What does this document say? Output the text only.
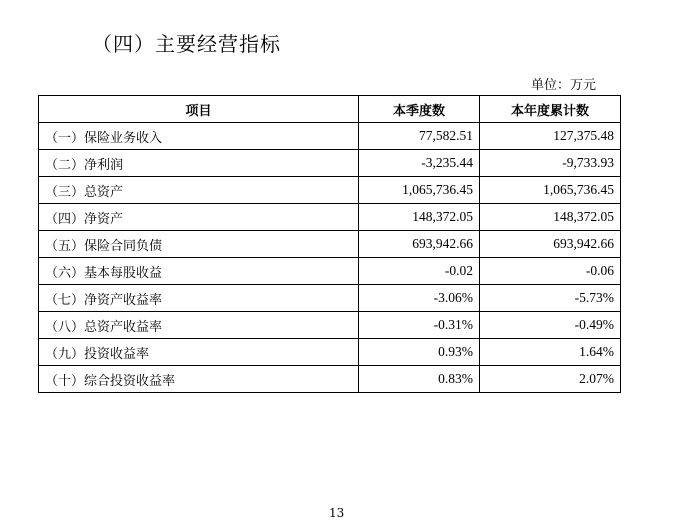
（四）主要经营指标
单位：万元
项目	本季度数	本年度累计数
（一）保险业务收入	77,582.51	127,375.48
（二）净利润	-3,235.44	-9,733.93
（三）总资产	1,065,736.45	1,065,736.45
（四）净资产	148,372.05	148,372.05
（五）保险合同负债	693,942.66	693,942.66
（六）基本每股收益	-0.02	-0.06
（七）净资产收益率	-3.06%	-5.73%
（八）总资产收益率	-0.31%	-0.49%
（九）投资收益率	0.93%	1.64%
（十）综合投资收益率	0.83%	2.07%
13
